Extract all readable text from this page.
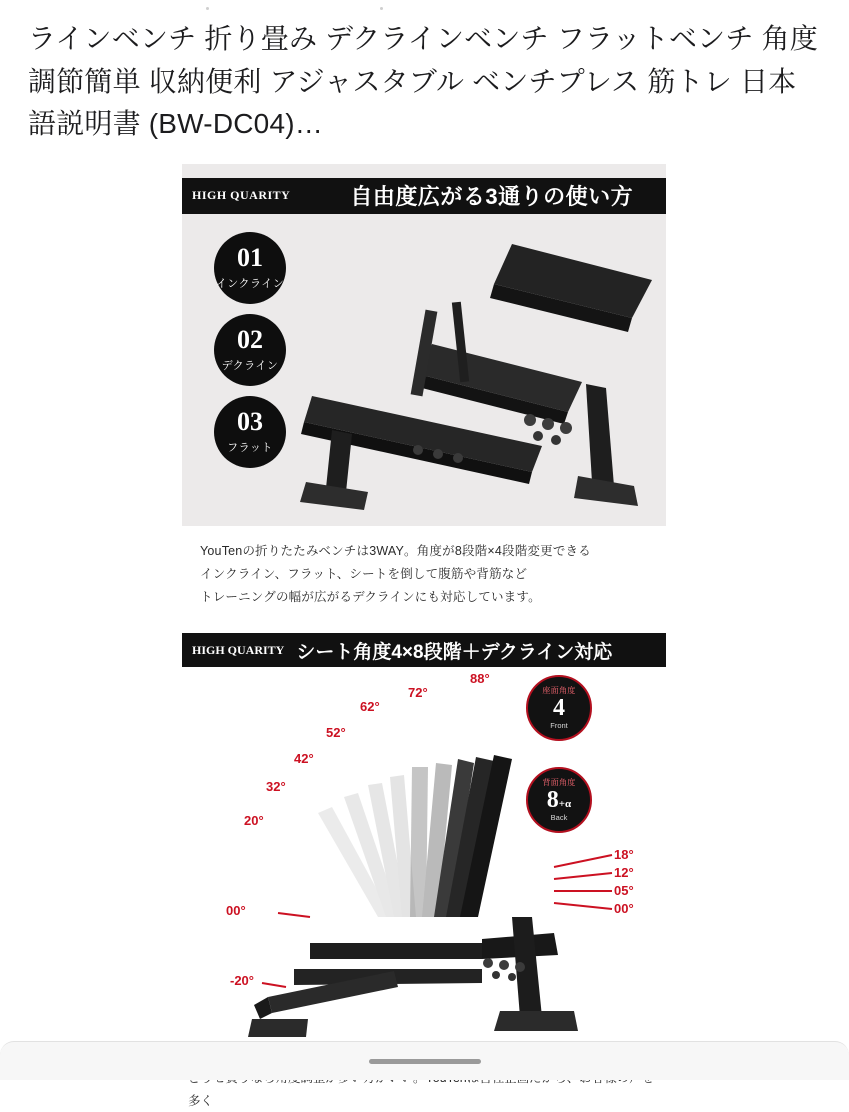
ラインベンチ 折り畳み デクラインベンチ フラットベンチ 角度調節簡単 収納便利 アジャスタブル ベンチプレス 筋トレ 日本語説明書 (BW-DC04)…
HIGH QUARITY	自由度広がる3通りの使い方
01
インクライン
02
デクライン
03
フラット
YouTenの折りたたみベンチは3WAY。角度が8段階×4段階変更できる
インクライン、フラット、シートを倒して腹筋や背筋など
トレーニングの幅が広がるデクラインにも対応しています。
HIGH QUARITY シート角度4×8段階＋デクライン対応
88°
72°
62°
52°
42°
32°
20°
00°
-20°
18°
12°
05°
00°
座面角度
4
Front
背面角度
8+α
Back
多く
